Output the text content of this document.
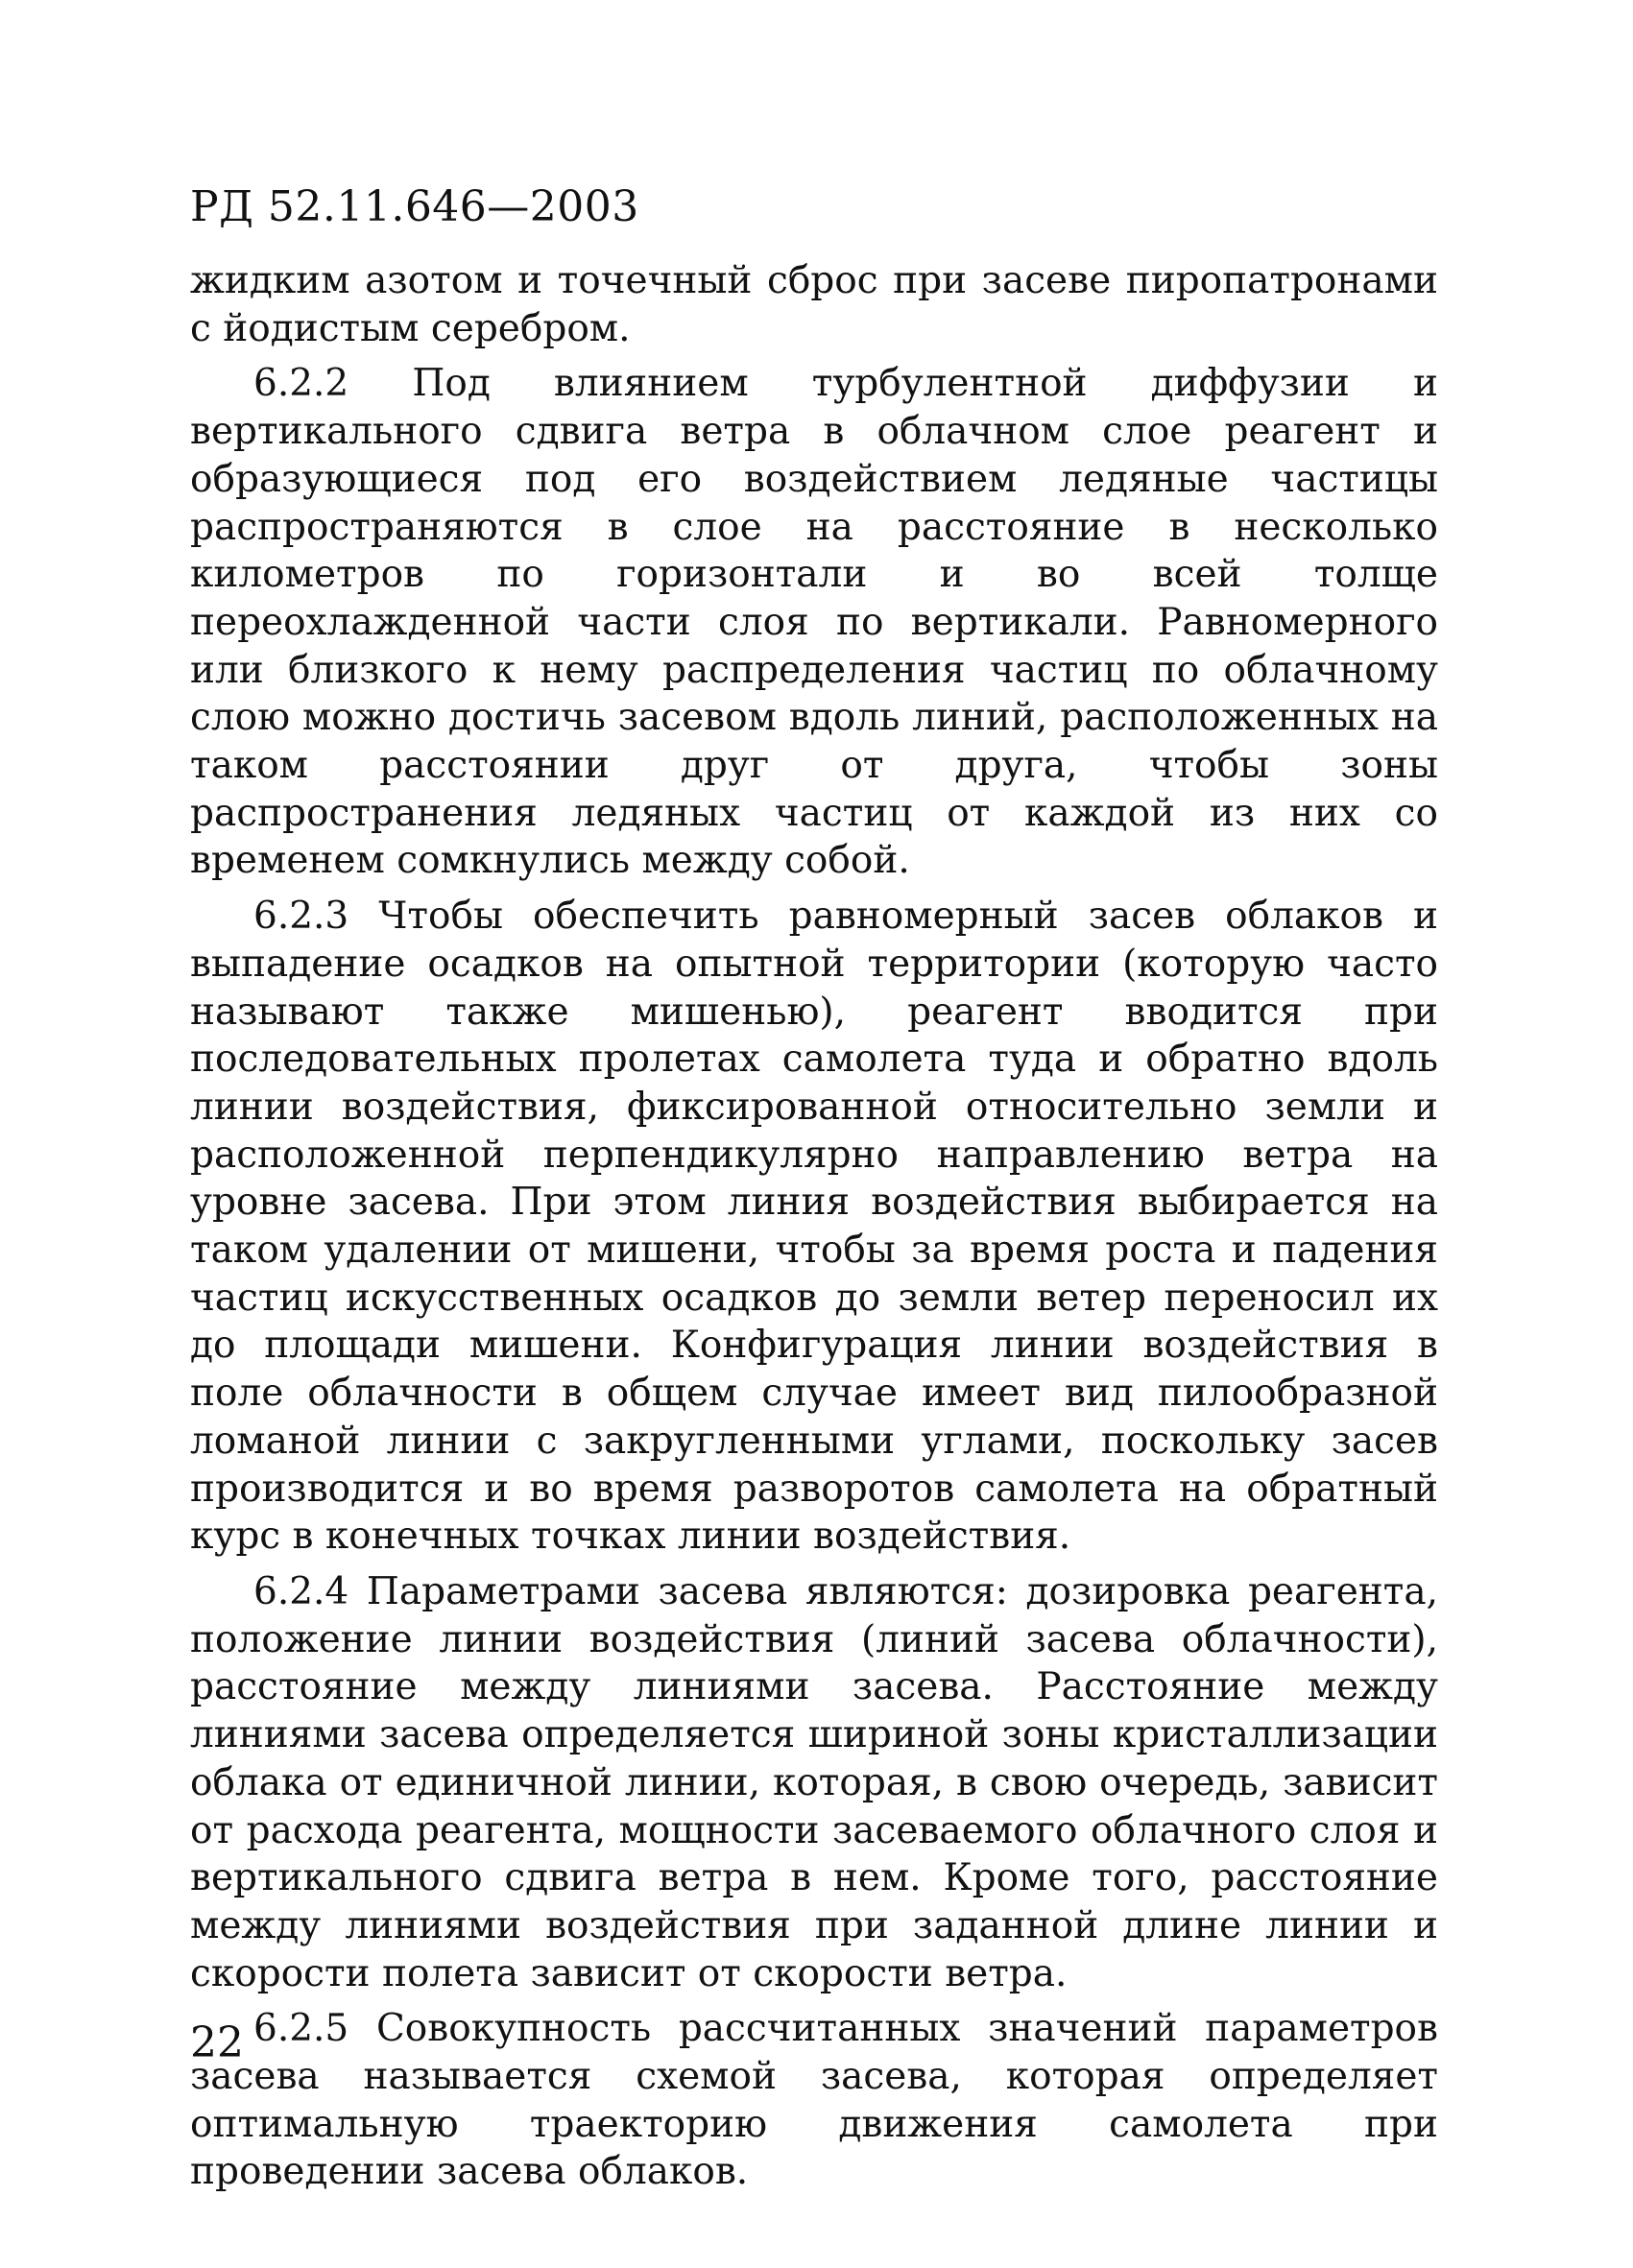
РД 52.11.646—2003

жидким азотом и точечный сброс при засеве пиропатронами с йодистым серебром.

6.2.2 Под влиянием турбулентной диффузии и вертикального сдвига ветра в облачном слое реагент и образующиеся под его воздействием ледяные частицы распространяются в слое на расстояние в несколько километров по горизонтали и во всей толще переохлажденной части слоя по вертикали. Равномерного или близкого к нему распределения частиц по облачному слою можно достичь засевом вдоль линий, расположенных на таком расстоянии друг от друга, чтобы зоны распространения ледяных частиц от каждой из них со временем сомкнулись между собой.

6.2.3 Чтобы обеспечить равномерный засев облаков и выпадение осадков на опытной территории (которую часто называют также мишенью), реагент вводится при последовательных пролетах самолета туда и обратно вдоль линии воздействия, фиксированной относительно земли и расположенной перпендикулярно направлению ветра на уровне засева. При этом линия воздействия выбирается на таком удалении от мишени, чтобы за время роста и падения частиц искусственных осадков до земли ветер переносил их до площади мишени. Конфигурация линии воздействия в поле облачности в общем случае имеет вид пилообразной ломаной линии с закругленными углами, поскольку засев производится и во время разворотов самолета на обратный курс в конечных точках линии воздействия.

6.2.4 Параметрами засева являются: дозировка реагента, положение линии воздействия (линий засева облачности), расстояние между линиями засева. Расстояние между линиями засева определяется шириной зоны кристаллизации облака от единичной линии, которая, в свою очередь, зависит от расхода реагента, мощности засеваемого облачного слоя и вертикального сдвига ветра в нем. Кроме того, расстояние между линиями воздействия при заданной длине линии и скорости полета зависит от скорости ветра.

6.2.5 Совокупность рассчитанных значений параметров засева называется схемой засева, которая определяет оптимальную траекторию движения самолета при проведении засева облаков.

22
